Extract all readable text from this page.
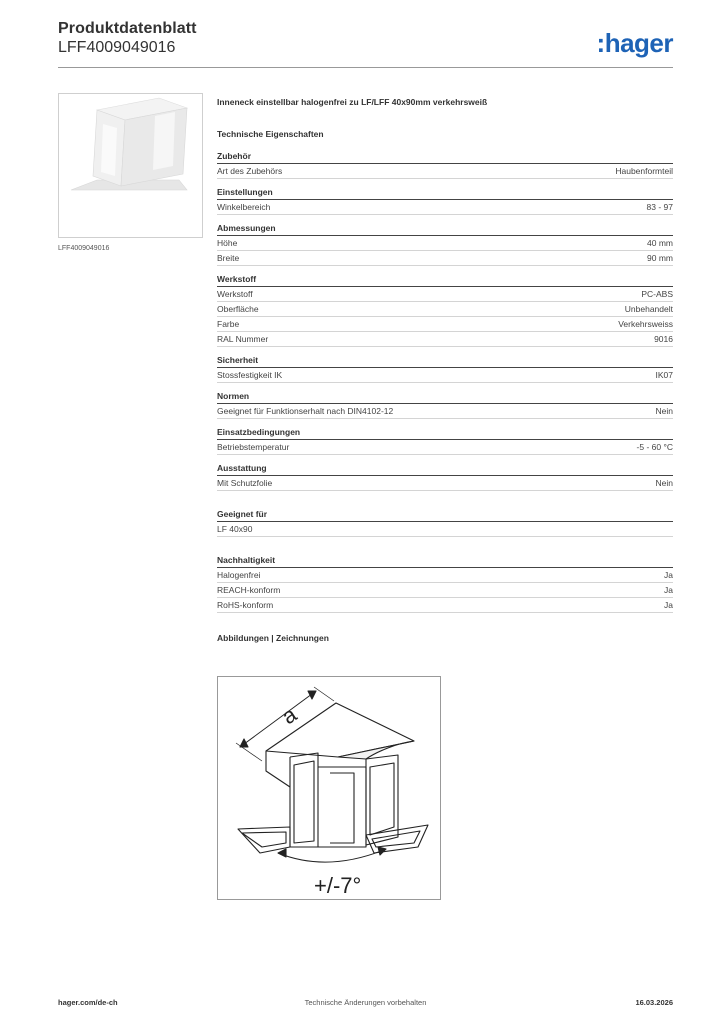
Produktdatenblatt
LFF4009049016	:hager
LFF4009049016
Inneneck einstellbar halogenfrei zu LF/LFF 40x90mm verkehrsweiß
Technische Eigenschaften
Zubehör
Art des Zubehörs	Haubenformteil
Einstellungen
Winkelbereich	83 - 97
Abmessungen
Höhe	40 mm
Breite	90 mm
Werkstoff
Werkstoff	PC-ABS
Oberfläche	Unbehandelt
Farbe	Verkehrsweiss
RAL Nummer	9016
Sicherheit
Stossfestigkeit IK	IK07
Normen
Geeignet für Funktionserhalt nach DIN4102-12	Nein
Einsatzbedingungen
Betriebstemperatur	-5 - 60 °C
Ausstattung
Mit Schutzfolie	Nein
Geeignet für
LF 40x90
Nachhaltigkeit
Halogenfrei	Ja
REACH-konform	Ja
RoHS-konform	Ja
Abbildungen | Zeichnungen
a
+/-7°
Technische Änderungen vorbehalten
hager.com/de-ch	16.03.2026
